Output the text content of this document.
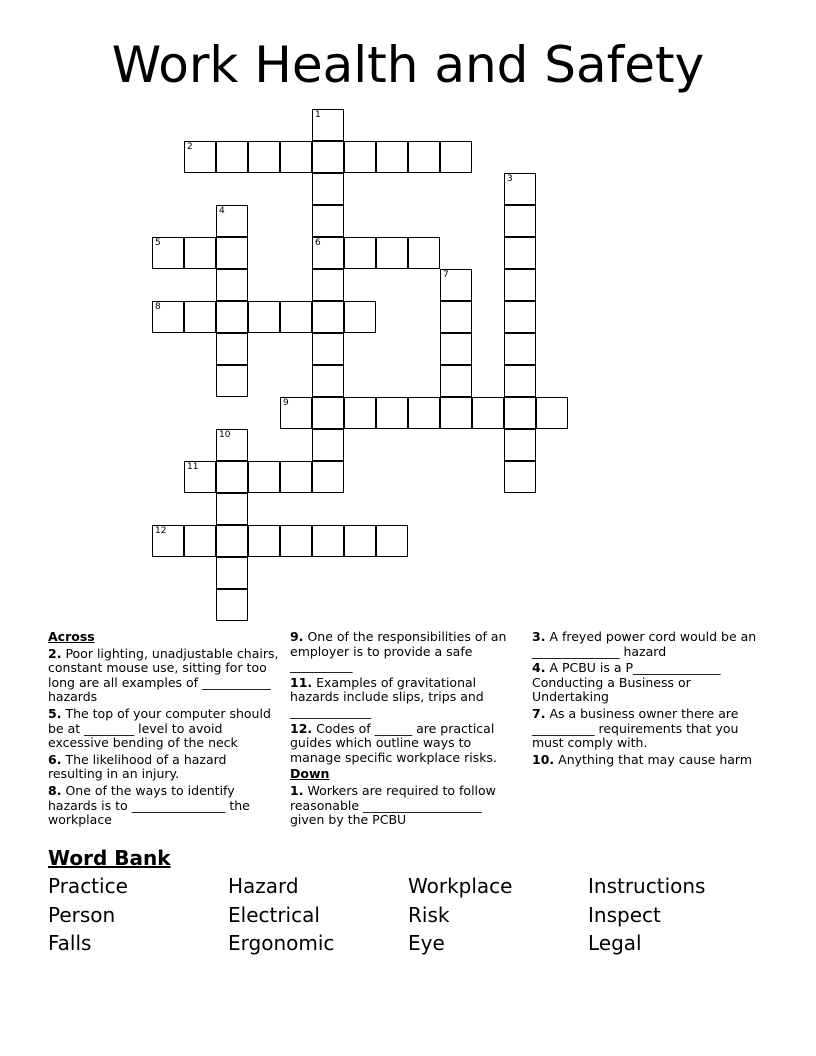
Work Health and Safety
1
6
2
3
4
5
7
8
9
10
11
12
Across
2. Poor lighting, unadjustable chairs, constant mouse use, sitting for too long are all examples of ___________ hazards
5. The top of your computer should be at ________ level to avoid excessive bending of the neck
6. The likelihood of a hazard resulting in an injury.
8. One of the ways to identify hazards is to _______________ the workplace
9. One of the responsibilities of an employer is to provide a safe __________
11. Examples of gravitational hazards include slips, trips and _____________
12. Codes of ______ are practical guides which outline ways to manage specific workplace risks.
Down
1. Workers are required to follow reasonable ___________________ given by the PCBU
3. A freyed power cord would be an ______________ hazard
4. A PCBU is a P______________ Conducting a Business or Undertaking
7. As a business owner there are __________ requirements that you must comply with.
10. Anything that may cause harm
Word Bank
Practice	Hazard	Workplace	Instructions
Person	Electrical	Risk	Inspect
Falls	Ergonomic	Eye	Legal
